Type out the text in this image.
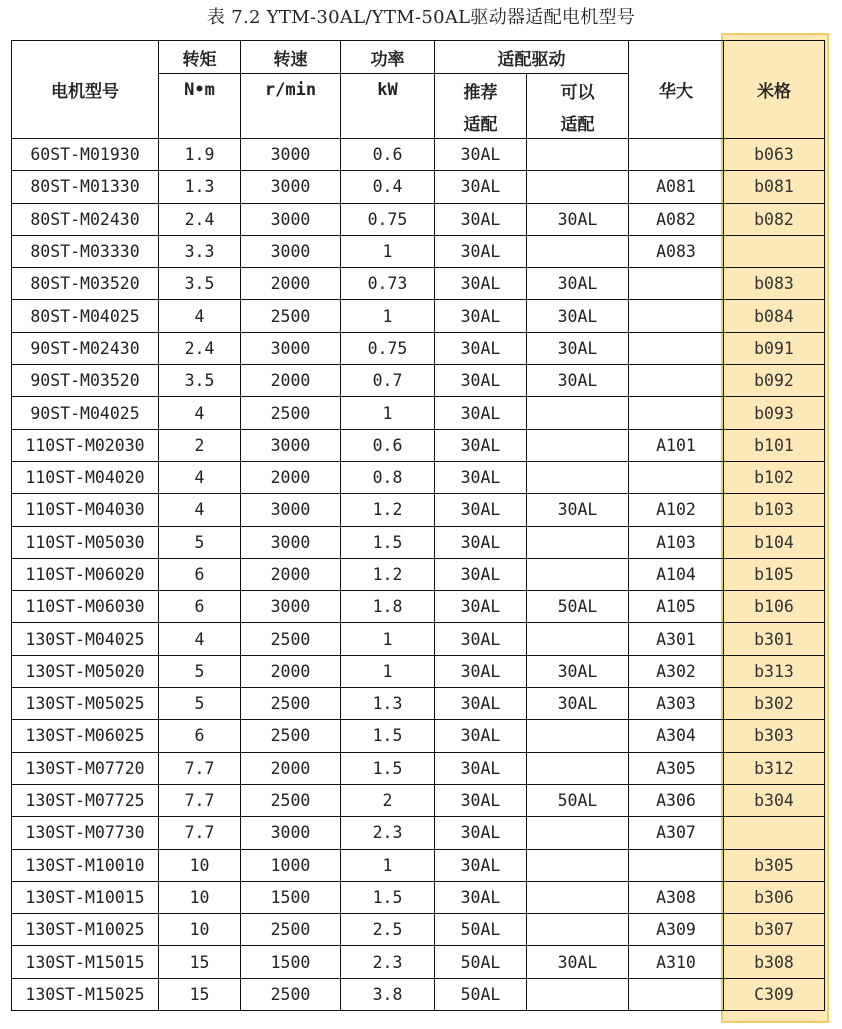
表 7.2 YTM-30AL/YTM-50AL驱动器适配电机型号
电机型号	转矩	转速	功率	适配驱动		华大	米格
	N•m	r/min	kW	推荐	可以		
				适配	适配		
60ST-M01930	1.9	3000	0.6	30AL			b063
80ST-M01330	1.3	3000	0.4	30AL		A081	b081
80ST-M02430	2.4	3000	0.75	30AL	30AL	A082	b082
80ST-M03330	3.3	3000	1	30AL		A083	
80ST-M03520	3.5	2000	0.73	30AL	30AL		b083
80ST-M04025	4	2500	1	30AL	30AL		b084
90ST-M02430	2.4	3000	0.75	30AL	30AL		b091
90ST-M03520	3.5	2000	0.7	30AL	30AL		b092
90ST-M04025	4	2500	1	30AL			b093
110ST-M02030	2	3000	0.6	30AL		A101	b101
110ST-M04020	4	2000	0.8	30AL			b102
110ST-M04030	4	3000	1.2	30AL	30AL	A102	b103
110ST-M05030	5	3000	1.5	30AL		A103	b104
110ST-M06020	6	2000	1.2	30AL		A104	b105
110ST-M06030	6	3000	1.8	30AL	50AL	A105	b106
130ST-M04025	4	2500	1	30AL		A301	b301
130ST-M05020	5	2000	1	30AL	30AL	A302	b313
130ST-M05025	5	2500	1.3	30AL	30AL	A303	b302
130ST-M06025	6	2500	1.5	30AL		A304	b303
130ST-M07720	7.7	2000	1.5	30AL		A305	b312
130ST-M07725	7.7	2500	2	30AL	50AL	A306	b304
130ST-M07730	7.7	3000	2.3	30AL		A307	
130ST-M10010	10	1000	1	30AL			b305
130ST-M10015	10	1500	1.5	30AL		A308	b306
130ST-M10025	10	2500	2.5	50AL		A309	b307
130ST-M15015	15	1500	2.3	50AL	30AL	A310	b308
130ST-M15025	15	2500	3.8	50AL			C309
